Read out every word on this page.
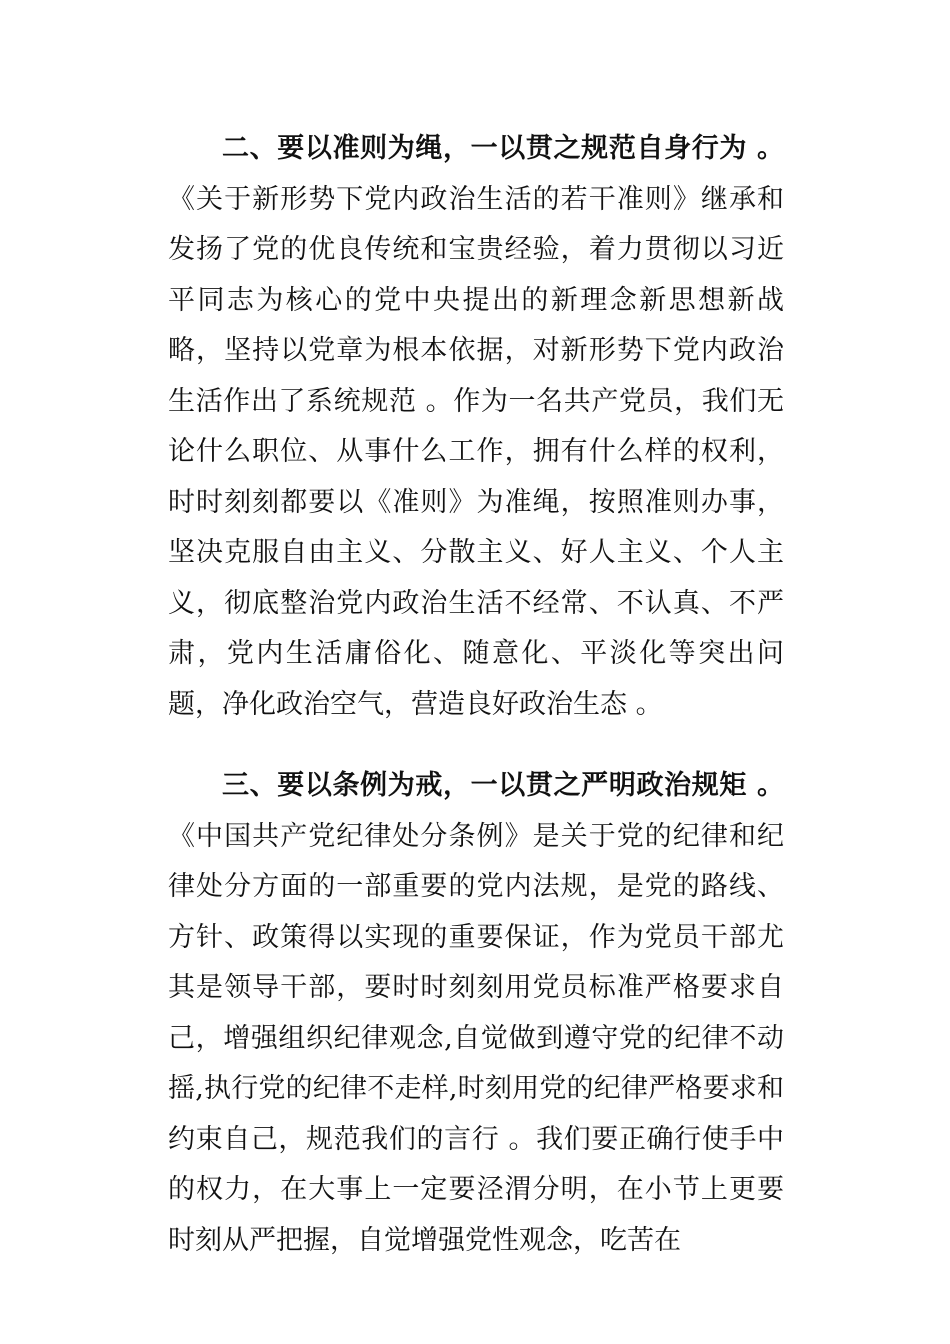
二、要以准则为绳，一以贯之规范自身行为 。《关于新形势下党内政治生活的若干准则》继承和发扬了党的优良传统和宝贵经验，着力贯彻以习近平同志为核心的党中央提出的新理念新思想新战略，坚持以党章为根本依据，对新形势下党内政治生活作出了系统规范 。作为一名共产党员，我们无论什么职位、从事什么工作，拥有什么样的权利，时时刻刻都要以《准则》为准绳，按照准则办事，坚决克服自由主义、分散主义、好人主义、个人主义，彻底整治党内政治生活不经常、不认真、不严肃，党内生活庸俗化、随意化、平淡化等突出问题，净化政治空气，营造良好政治生态 。

三、要以条例为戒，一以贯之严明政治规矩 。《中国共产党纪律处分条例》是关于党的纪律和纪律处分方面的一部重要的党内法规，是党的路线、方针、政策得以实现的重要保证，作为党员干部尤其是领导干部，要时时刻刻用党员标准严格要求自己，增强组织纪律观念,自觉做到遵守党的纪律不动摇,执行党的纪律不走样,时刻用党的纪律严格要求和约束自己，规范我们的言行 。我们要正确行使手中的权力，在大事上一定要泾渭分明，在小节上更要时刻从严把握，自觉增强党性观念，吃苦在
